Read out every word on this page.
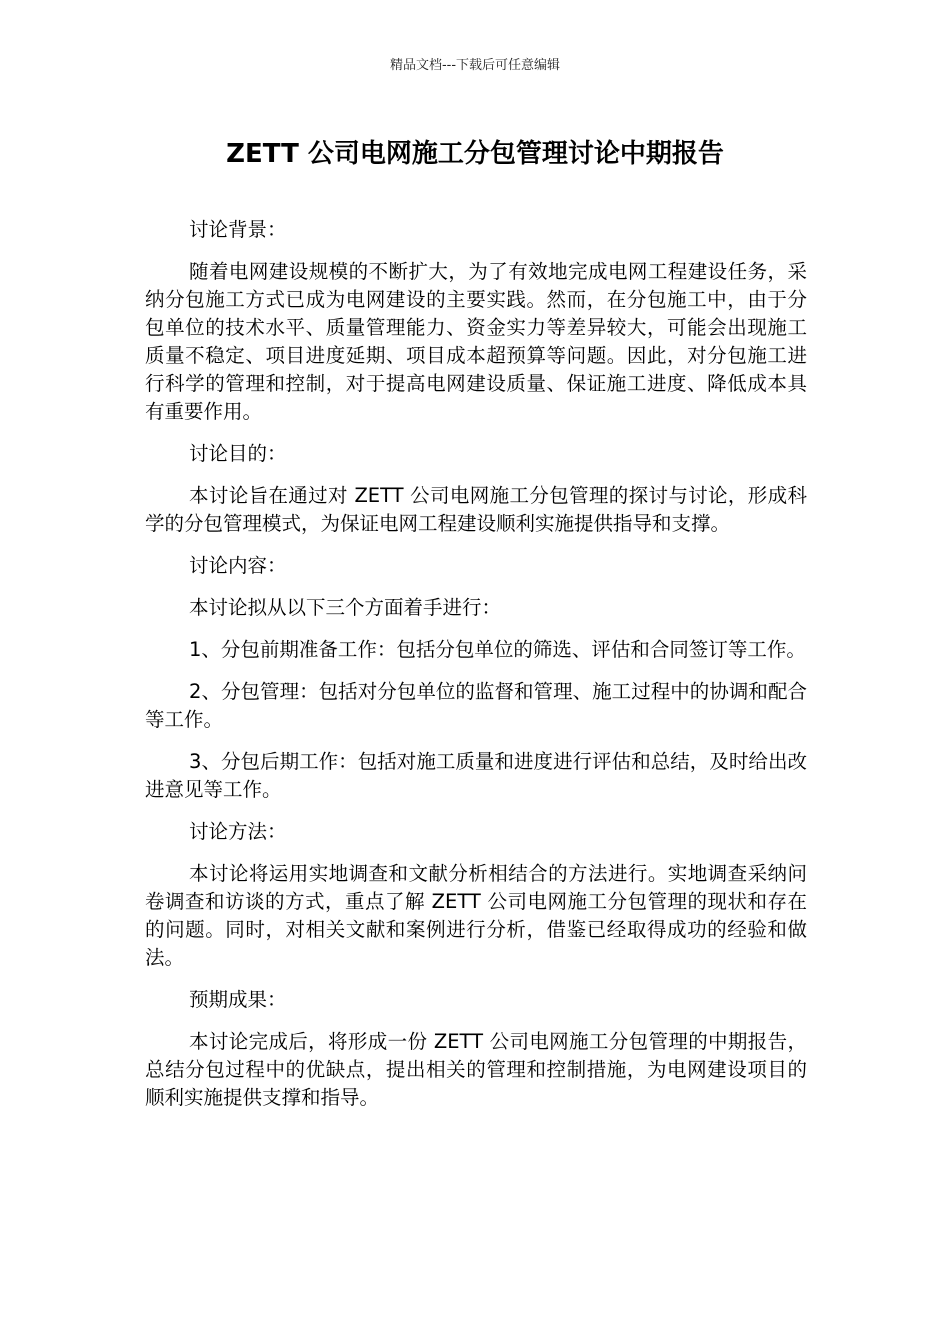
精品文档---下载后可任意编辑
ZETT 公司电网施工分包管理讨论中期报告

讨论背景：

随着电网建设规模的不断扩大，为了有效地完成电网工程建设任务，采纳分包施工方式已成为电网建设的主要实践。然而，在分包施工中，由于分包单位的技术水平、质量管理能力、资金实力等差异较大，可能会出现施工质量不稳定、项目进度延期、项目成本超预算等问题。因此，对分包施工进行科学的管理和控制，对于提高电网建设质量、保证施工进度、降低成本具有重要作用。

讨论目的：

本讨论旨在通过对 ZETT 公司电网施工分包管理的探讨与讨论，形成科学的分包管理模式，为保证电网工程建设顺利实施提供指导和支撑。

讨论内容：

本讨论拟从以下三个方面着手进行：

1、分包前期准备工作：包括分包单位的筛选、评估和合同签订等工作。

2、分包管理：包括对分包单位的监督和管理、施工过程中的协调和配合等工作。

3、分包后期工作：包括对施工质量和进度进行评估和总结，及时给出改进意见等工作。

讨论方法：

本讨论将运用实地调查和文献分析相结合的方法进行。实地调查采纳问卷调查和访谈的方式，重点了解 ZETT 公司电网施工分包管理的现状和存在的问题。同时，对相关文献和案例进行分析，借鉴已经取得成功的经验和做法。

预期成果：

本讨论完成后，将形成一份 ZETT 公司电网施工分包管理的中期报告，总结分包过程中的优缺点，提出相关的管理和控制措施，为电网建设项目的顺利实施提供支撑和指导。
